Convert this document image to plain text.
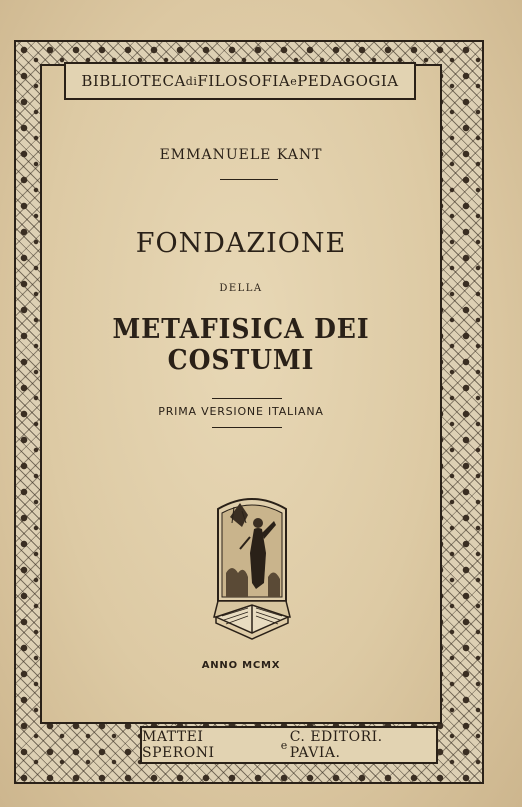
BIBLIOTECA di FILOSOFIA e PEDAGOGIA
EMMANUELE KANT
FONDAZIONE
DELLA
METAFISICA DEI COSTUMI
PRIMA VERSIONE ITALIANA
ANNO MCMX
MATTEI SPERONI	e C. EDITORI. PAVIA.
